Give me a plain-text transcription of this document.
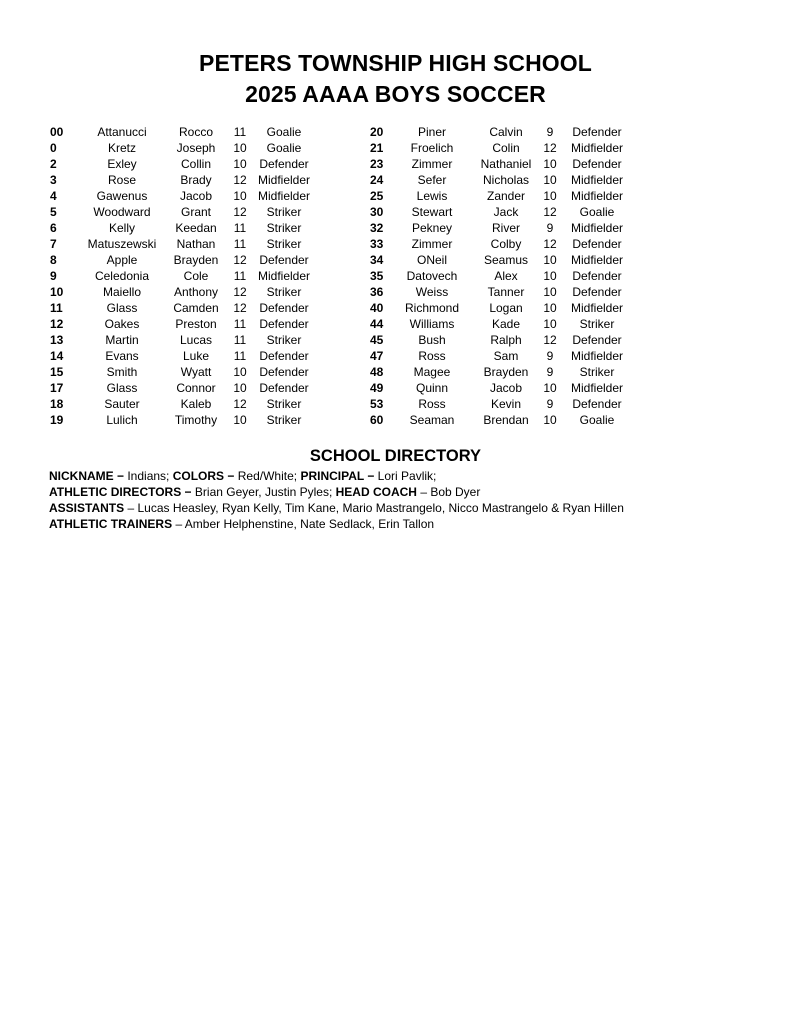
PETERS TOWNSHIP HIGH SCHOOL
2025 AAAA BOYS SOCCER
00	Attanucci	Rocco	11	Goalie
0	Kretz	Joseph	10	Goalie
2	Exley	Collin	10	Defender
3	Rose	Brady	12 Midfielder
4	Gawenus	Jacob	10 Midfielder
5	Woodward	Grant	12	Striker
6	Kelly	Keedan	11	Striker
7	Matuszewski	Nathan	11	Striker
8	Apple	Brayden	12	Defender
9	Celedonia	Cole	11 Midfielder
10	Maiello	Anthony	12	Striker
11	Glass	Camden	12	Defender
12	Oakes	Preston	11	Defender
13	Martin	Lucas	11	Striker
14	Evans	Luke	11	Defender
15	Smith	Wyatt	10	Defender
17	Glass	Connor	10	Defender
18	Sauter	Kaleb	12	Striker
19	Lulich	Timothy	10	Striker
20	Piner	Calvin	9	Defender
21	Froelich	Colin	12	Midfielder
23	Zimmer	Nathaniel 10	Defender
24	Sefer	Nicholas	10	Midfielder
25	Lewis	Zander	10	Midfielder
30	Stewart	Jack	12	Goalie
32	Pekney	River	9	Midfielder
33	Zimmer	Colby	12	Defender
34	ONeil	Seamus	10	Midfielder
35	Datovech	Alex	10	Defender
36	Weiss	Tanner	10	Defender
40	Richmond	Logan	10	Midfielder
44	Williams	Kade	10	Striker
45	Bush	Ralph	12	Defender
47	Ross	Sam	9	Midfielder
48	Magee	Brayden	9	Striker
49	Quinn	Jacob	10	Midfielder
53	Ross	Kevin	9	Defender
60	Seaman	Brendan	10	Goalie
SCHOOL DIRECTORY
NICKNAME − Indians; COLORS − Red/White; PRINCIPAL − Lori Pavlik;
ATHLETIC DIRECTORS − Brian Geyer, Justin Pyles; HEAD COACH – Bob Dyer
ASSISTANTS – Lucas Heasley, Ryan Kelly, Tim Kane, Mario Mastrangelo, Nicco Mastrangelo & Ryan Hillen
ATHLETIC TRAINERS – Amber Helphenstine, Nate Sedlack, Erin Tallon
